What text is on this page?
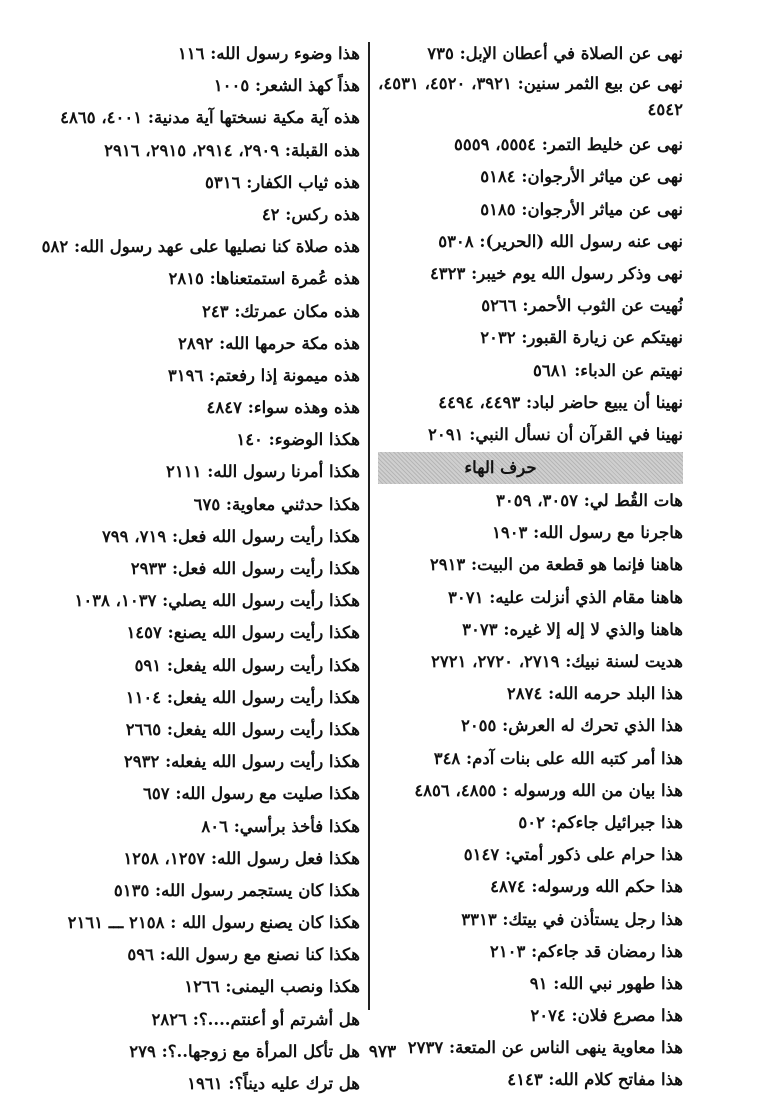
نهى عن الصلاة في أعطان الإبل: ٧٣٥
نهى عن بيع الثمر سنين: ٣٩٢١، ٤٥٢٠، ٤٥٣١،
٤٥٤٢
نهى عن خليط التمر: ٥٥٥٤، ٥٥٥٩
نهى عن مياثر الأرجوان: ٥١٨٤
نهى عن مياثر الأرجوان: ٥١٨٥
نهى عنه رسول الله (الحرير): ٥٣٠٨
نهى وذكر رسول الله يوم خيبر: ٤٣٢٣
نُهيت عن الثوب الأحمر: ٥٢٦٦
نهيتكم عن زيارة القبور: ٢٠٣٢
نهيتم عن الدباء: ٥٦٨١
نهينا أن يبيع حاضر لباد: ٤٤٩٣، ٤٤٩٤
نهينا في القرآن أن نسأل النبي: ٢٠٩١
حرف الهاء
هات القُط لي: ٣٠٥٧، ٣٠٥٩
هاجرنا مع رسول الله: ١٩٠٣
هاهنا فإنما هو قطعة من البيت: ٢٩١٣
هاهنا مقام الذي أنزلت عليه: ٣٠٧١
هاهنا والذي لا إله إلا غيره: ٣٠٧٣
هديت لسنة نبيك: ٢٧١٩، ٢٧٢٠، ٢٧٢١
هذا البلد حرمه الله: ٢٨٧٤
هذا الذي تحرك له العرش: ٢٠٥٥
هذا أمر كتبه الله على بنات آدم: ٣٤٨
هذا بيان من الله ورسوله : ٤٨٥٥، ٤٨٥٦
هذا جبرائيل جاءكم: ٥٠٢
هذا حرام على ذكور أمتي: ٥١٤٧
هذا حكم الله ورسوله: ٤٨٧٤
هذا رجل يستأذن في بيتك: ٣٣١٣
هذا رمضان قد جاءكم: ٢١٠٣
هذا طهور نبي الله: ٩١
هذا مصرع فلان: ٢٠٧٤
هذا معاوية ينهى الناس عن المتعة: ٢٧٣٧
هذا مفاتح كلام الله: ٤١٤٣
هذا وضوء رسول الله: ١١٦
هذاً كهذ الشعر: ١٠٠٥
هذه آية مكية نسختها آية مدنية: ٤٠٠١، ٤٨٦٥
هذه القبلة: ٢٩٠٩، ٢٩١٤، ٢٩١٥، ٢٩١٦
هذه ثياب الكفار: ٥٣١٦
هذه ركس: ٤٢
هذه صلاة كنا نصليها على عهد رسول الله: ٥٨٢
هذه عُمرة استمتعناها: ٢٨١٥
هذه مكان عمرتك: ٢٤٣
هذه مكة حرمها الله: ٢٨٩٢
هذه ميمونة إذا رفعتم: ٣١٩٦
هذه وهذه سواء: ٤٨٤٧
هكذا الوضوء: ١٤٠
هكذا أمرنا رسول الله: ٢١١١
هكذا حدثني معاوية: ٦٧٥
هكذا رأيت رسول الله فعل: ٧١٩، ٧٩٩
هكذا رأيت رسول الله فعل: ٢٩٣٣
هكذا رأيت رسول الله يصلي: ١٠٣٧، ١٠٣٨
هكذا رأيت رسول الله يصنع: ١٤٥٧
هكذا رأيت رسول الله يفعل: ٥٩١
هكذا رأيت رسول الله يفعل: ١١٠٤
هكذا رأيت رسول الله يفعل: ٢٦٦٥
هكذا رأيت رسول الله يفعله: ٢٩٣٢
هكذا صليت مع رسول الله: ٦٥٧
هكذا فأخذ برأسي: ٨٠٦
هكذا فعل رسول الله: ١٢٥٧، ١٢٥٨
هكذا كان يستجمر رسول الله: ٥١٣٥
هكذا كان يصنع رسول الله : ٢١٥٨ ـــ ٢١٦١
هكذا كنا نصنع مع رسول الله: ٥٩٦
هكذا ونصب اليمنى: ١٢٦٦
هل أشرتم أو أعنتم....؟: ٢٨٢٦
هل تأكل المرأة مع زوجها..؟: ٢٧٩
هل ترك عليه ديناً؟: ١٩٦١
٩٧٣
